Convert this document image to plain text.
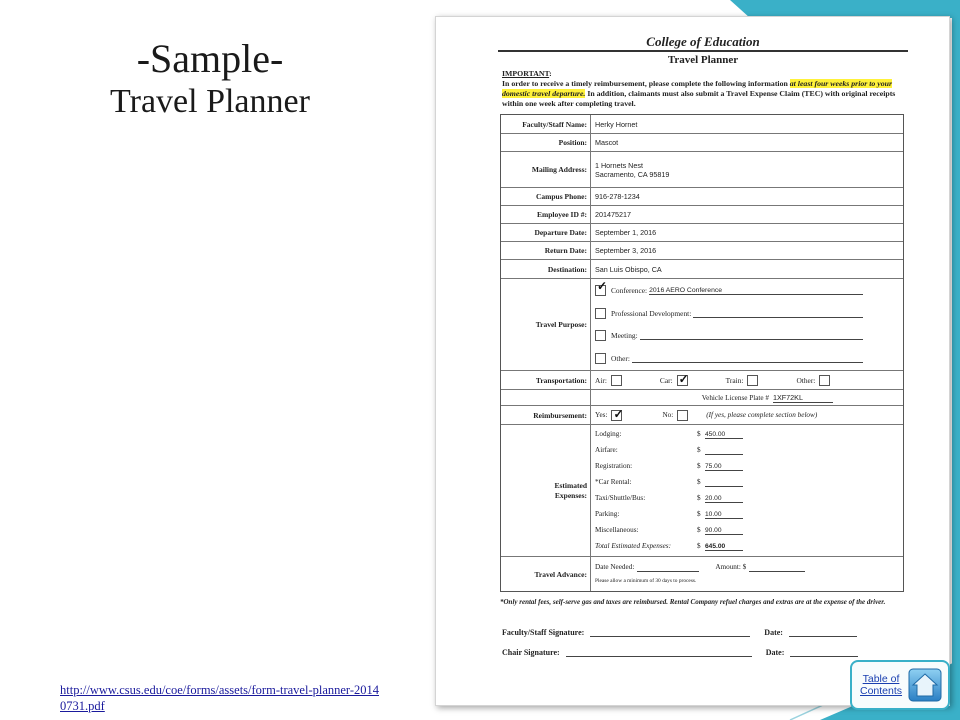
-Sample-
Travel Planner
http://www.csus.edu/coe/forms/assets/form-travel-planner-20140731.pdf
College of Education
Travel Planner
IMPORTANT:
In order to receive a timely reimbursement, please complete the following information at least four weeks prior to your domestic travel departure. In addition, claimants must also submit a Travel Expense Claim (TEC) with original receipts within one week after completing travel.
Faculty/Staff Name:	Herky Hornet
Position:	Mascot
Mailing Address:	1 Hornets Nest
Sacramento, CA 95819
Campus Phone:	916-278-1234
Employee ID #:	201475217
Departure Date:	September 1, 2016
Return Date:	September 3, 2016
Destination:	San Luis Obispo, CA
Travel Purpose:
✓ Conference: 2016 AERO Conference
Professional Development:
Meeting:
Other:
Transportation:	Air:	Car: ✓	Train:	Other:
Vehicle License Plate # 1XF72KL
Reimbursement:	Yes: ✓	No:	(If yes, please complete section below)
Estimated
Expenses:
Lodging:	$ 450.00
Airfare:	$
Registration:	$ 75.00
*Car Rental:	$
Taxi/Shuttle/Bus:	$ 20.00
Parking:	$ 10.00
Miscellaneous:	$ 90.00
Total Estimated Expenses:	$ 645.00
Travel Advance:
Date Needed:	Amount: $
Please allow a minimum of 30 days to process.
*Only rental fees, self-serve gas and taxes are reimbursed. Rental Company refuel charges and extras are at the expense of the driver.
Faculty/Staff Signature:	Date:
Chair Signature:	Date:
Table of
Contents
